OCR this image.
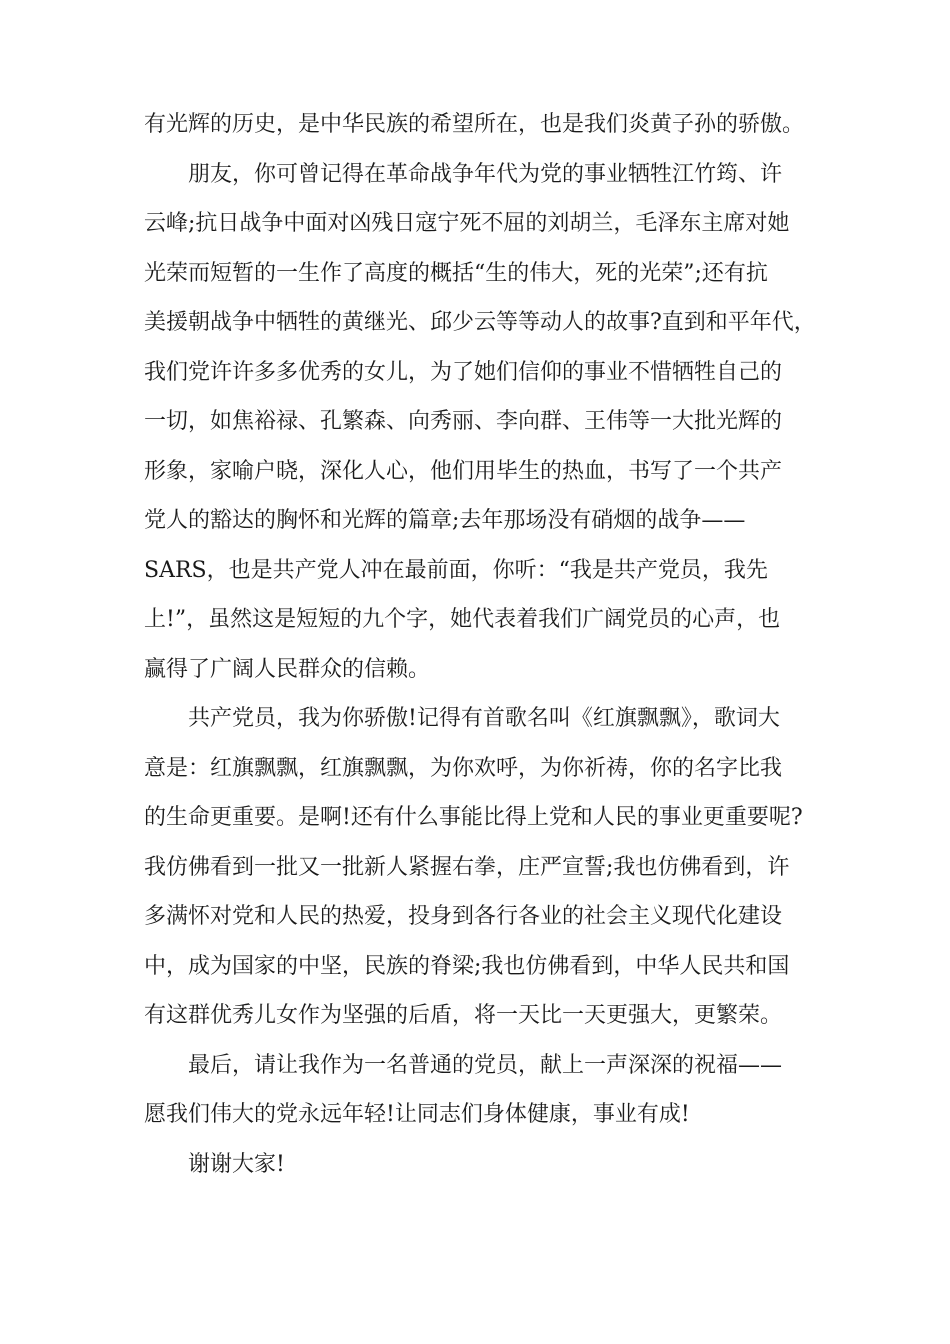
有光辉的历史，是中华民族的希望所在，也是我们炎黄子孙的骄傲。
朋友，你可曾记得在革命战争年代为党的事业牺牲江竹筠、许
云峰;抗日战争中面对凶残日寇宁死不屈的刘胡兰，毛泽东主席对她
光荣而短暂的一生作了高度的概括“生的伟大，死的光荣”;还有抗
美援朝战争中牺牲的黄继光、邱少云等等动人的故事?直到和平年代，
我们党许许多多优秀的女儿，为了她们信仰的事业不惜牺牲自己的
一切，如焦裕禄、孔繁森、向秀丽、李向群、王伟等一大批光辉的
形象，家喻户晓，深化人心，他们用毕生的热血，书写了一个共产
党人的豁达的胸怀和光辉的篇章;去年那场没有硝烟的战争——
SARS，也是共产党人冲在最前面，你听：“我是共产党员，我先
上!”，虽然这是短短的九个字，她代表着我们广阔党员的心声，也
赢得了广阔人民群众的信赖。
共产党员，我为你骄傲!记得有首歌名叫《红旗飘飘》，歌词大
意是：红旗飘飘，红旗飘飘，为你欢呼，为你祈祷，你的名字比我
的生命更重要。是啊!还有什么事能比得上党和人民的事业更重要呢?
我仿佛看到一批又一批新人紧握右拳，庄严宣誓;我也仿佛看到，许
多满怀对党和人民的热爱，投身到各行各业的社会主义现代化建设
中，成为国家的中坚，民族的脊梁;我也仿佛看到，中华人民共和国
有这群优秀儿女作为坚强的后盾，将一天比一天更强大，更繁荣。
最后，请让我作为一名普通的党员，献上一声深深的祝福——
愿我们伟大的党永远年轻!让同志们身体健康，事业有成!
谢谢大家!
